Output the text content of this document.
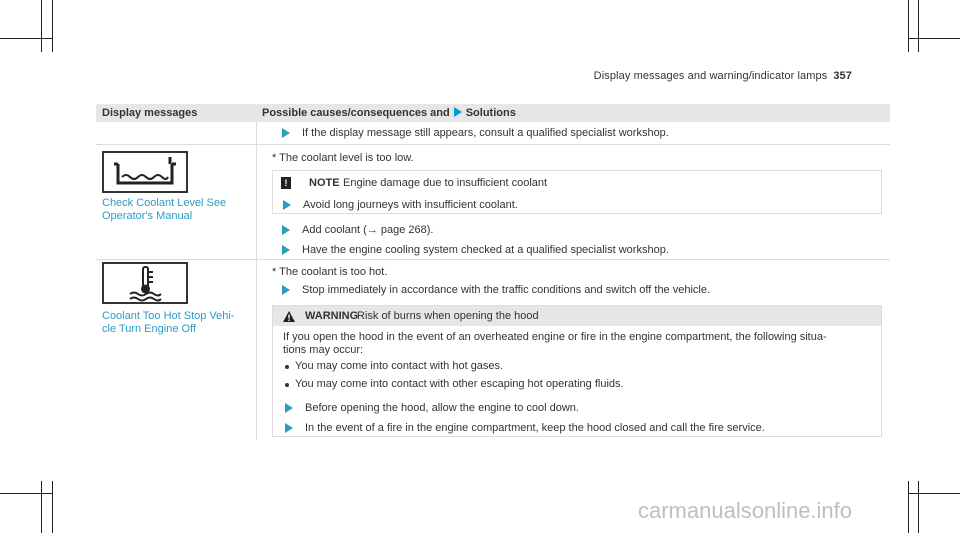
Display messages and warning/indicator lamps 357
Display messages	Possible causes/consequences and Solutions
If the display message still appears, consult a qualified specialist workshop.
Check Coolant Level See
Operator's Manual
* The coolant level is too low.
!	NOTE Engine damage due to insufficient coolant
Avoid long journeys with insufficient coolant.
Add coolant (→ page 268).
Have the engine cooling system checked at a qualified specialist workshop.
Coolant Too Hot Stop Vehi-
cle Turn Engine Off
* The coolant is too hot.
Stop immediately in accordance with the traffic conditions and switch off the vehicle.
WARNING
Risk of burns when opening the hood
If you open the hood in the event of an overheated engine or fire in the engine compartment, the following situa-
tions may occur:
You may come into contact with hot gases.
You may come into contact with other escaping hot operating fluids.
Before opening the hood, allow the engine to cool down.
In the event of a fire in the engine compartment, keep the hood closed and call the fire service.
carmanualsonline.info
